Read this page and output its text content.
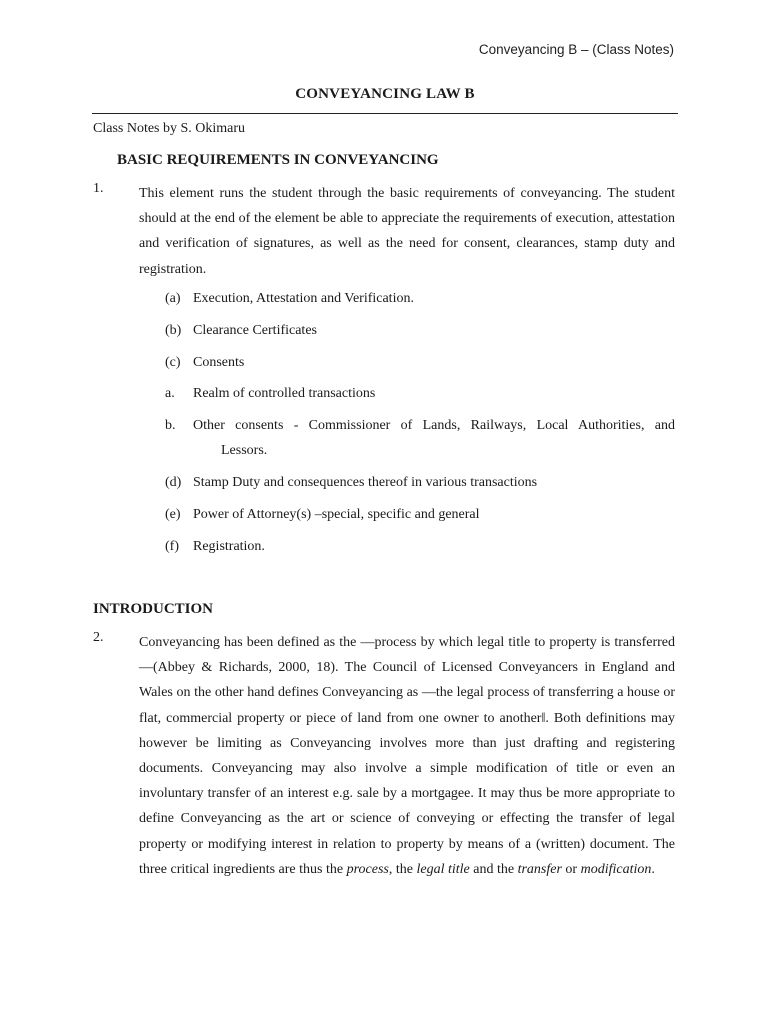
Conveyancing B – (Class Notes)
CONVEYANCING LAW B
Class Notes by S. Okimaru
BASIC REQUIREMENTS IN CONVEYANCING
1.	This element runs the student through the basic requirements of conveyancing. The student should at the end of the element be able to appreciate the requirements of execution, attestation and verification of signatures, as well as the need for consent, clearances, stamp duty and registration.
(a) Execution, Attestation and Verification.
(b) Clearance Certificates
(c) Consents
a. Realm of controlled transactions
b. Other consents - Commissioner of Lands, Railways, Local Authorities, and
Lessors.
(d) Stamp Duty and consequences thereof in various transactions
(e) Power of Attorney(s) –special, specific and general
(f) Registration.
INTRODUCTION
2.	Conveyancing has been defined as the ―process by which legal title to property is transferred ―(Abbey & Richards, 2000, 18). The Council of Licensed Conveyancers in England and Wales on the other hand defines Conveyancing as ―the legal process of transferring a house or flat, commercial property or piece of land from one owner to another‖. Both definitions may however be limiting as Conveyancing involves more than just drafting and registering documents. Conveyancing may also involve a simple modification of title or even an involuntary transfer of an interest e.g. sale by a mortgagee. It may thus be more appropriate to define Conveyancing as the art or science of conveying or effecting the transfer of legal property or modifying interest in relation to property by means of a (written) document. The three critical ingredients are thus the process, the legal title and the transfer or modification.
